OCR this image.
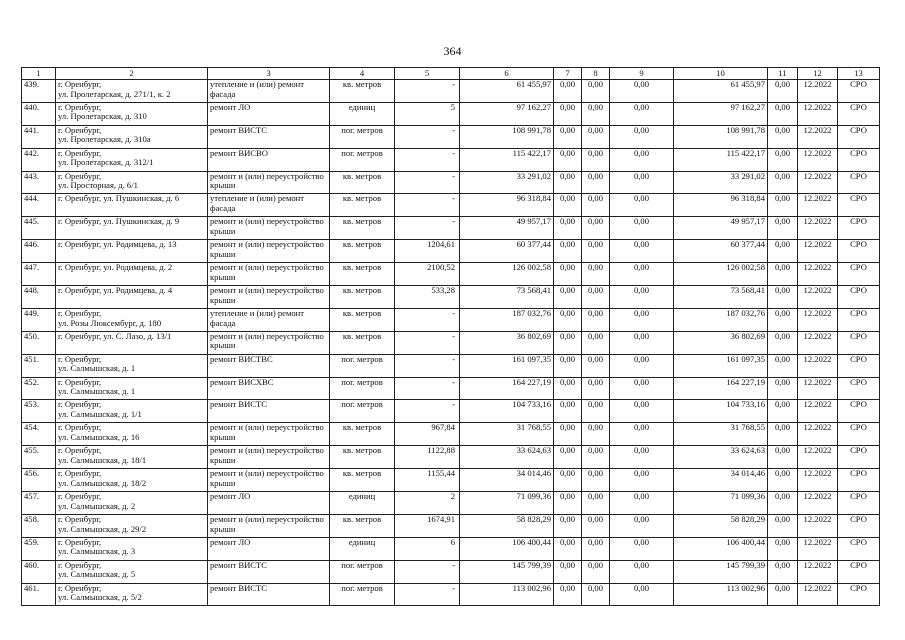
364
1	2	3	4	5	6	7	8	9	10	11	12	13
439.	г. Оренбург,
ул. Пролетарская, д. 271/1, к. 2	утепление и (или) ремонт фасада	кв. метров	-	61 455,97	0,00	0,00	0,00	61 455,97	0,00	12.2022	СРО
440.	г. Оренбург,
ул. Пролетарская, д. 310	ремонт ЛО	единиц	5	97 162,27	0,00	0,00	0,00	97 162,27	0,00	12.2022	СРО
441.	г. Оренбург,
ул. Пролетарская, д. 310а	ремонт ВИСТС	пог. метров	-	108 991,78	0,00	0,00	0,00	108 991,78	0,00	12.2022	СРО
442.	г. Оренбург,
ул. Пролетарская, д. 312/1	ремонт ВИСВО	пог. метров	-	115 422,17	0,00	0,00	0,00	115 422,17	0,00	12.2022	СРО
443.	г. Оренбург,
ул. Просторная, д. 6/1	ремонт и (или) переустройство крыши	кв. метров	-	33 291,02	0,00	0,00	0,00	33 291,02	0,00	12.2022	СРО
444.	г. Оренбург, ул. Пушкинская, д. 6	утепление и (или) ремонт фасада	кв. метров	-	96 318,84	0,00	0,00	0,00	96 318,84	0,00	12.2022	СРО
445.	г. Оренбург, ул. Пушкинская, д. 9	ремонт и (или) переустройство крыши	кв. метров	-	49 957,17	0,00	0,00	0,00	49 957,17	0,00	12.2022	СРО
446.	г. Оренбург, ул. Родимцева, д. 13	ремонт и (или) переустройство крыши	кв. метров	1204,61	60 377,44	0,00	0,00	0,00	60 377,44	0,00	12.2022	СРО
447.	г. Оренбург, ул. Родимцева, д. 2	ремонт и (или) переустройство крыши	кв. метров	2100,52	126 002,58	0,00	0,00	0,00	126 002,58	0,00	12.2022	СРО
448.	г. Оренбург, ул. Родимцева, д. 4	ремонт и (или) переустройство крыши	кв. метров	533,28	73 568,41	0,00	0,00	0,00	73 568,41	0,00	12.2022	СРО
449.	г. Оренбург,
ул. Розы Люксембург, д. 180	утепление и (или) ремонт фасада	кв. метров	-	187 032,76	0,00	0,00	0,00	187 032,76	0,00	12.2022	СРО
450.	г. Оренбург, ул. С. Лазо, д. 13/1	ремонт и (или) переустройство крыши	кв. метров	-	36 802,69	0,00	0,00	0,00	36 802,69	0,00	12.2022	СРО
451.	г. Оренбург,
ул. Салмышская, д. 1	ремонт ВИСТВС	пог. метров	-	161 097,35	0,00	0,00	0,00	161 097,35	0,00	12.2022	СРО
452.	г. Оренбург,
ул. Салмышская, д. 1	ремонт ВИСХВС	пог. метров	-	164 227,19	0,00	0,00	0,00	164 227,19	0,00	12.2022	СРО
453.	г. Оренбург,
ул. Салмышская, д. 1/1	ремонт ВИСТС	пог. метров	-	104 733,16	0,00	0,00	0,00	104 733,16	0,00	12.2022	СРО
454.	г. Оренбург,
ул. Салмышская, д. 16	ремонт и (или) переустройство крыши	кв. метров	967,84	31 768,55	0,00	0,00	0,00	31 768,55	0,00	12.2022	СРО
455.	г. Оренбург,
ул. Салмышская, д. 18/1	ремонт и (или) переустройство крыши	кв. метров	1122,88	33 624,63	0,00	0,00	0,00	33 624,63	0,00	12.2022	СРО
456.	г. Оренбург,
ул. Салмышская, д. 18/2	ремонт и (или) переустройство крыши	кв. метров	1155,44	34 014,46	0,00	0,00	0,00	34 014,46	0,00	12.2022	СРО
457.	г. Оренбург,
ул. Салмышская, д. 2	ремонт ЛО	единиц	2	71 099,36	0,00	0,00	0,00	71 099,36	0,00	12.2022	СРО
458.	г. Оренбург,
ул. Салмышская, д. 29/2	ремонт и (или) переустройство крыши	кв. метров	1674,91	58 828,29	0,00	0,00	0,00	58 828,29	0,00	12.2022	СРО
459.	г. Оренбург,
ул. Салмышская, д. 3	ремонт ЛО	единиц	6	106 400,44	0,00	0,00	0,00	106 400,44	0,00	12.2022	СРО
460.	г. Оренбург,
ул. Салмышская, д. 5	ремонт ВИСТС	пог. метров	-	145 799,39	0,00	0,00	0,00	145 799,39	0,00	12.2022	СРО
461.	г. Оренбург,
ул. Салмышская, д. 5/2	ремонт ВИСТС	пог. метров	-	113 002,96	0,00	0,00	0,00	113 002,96	0,00	12.2022	СРО
